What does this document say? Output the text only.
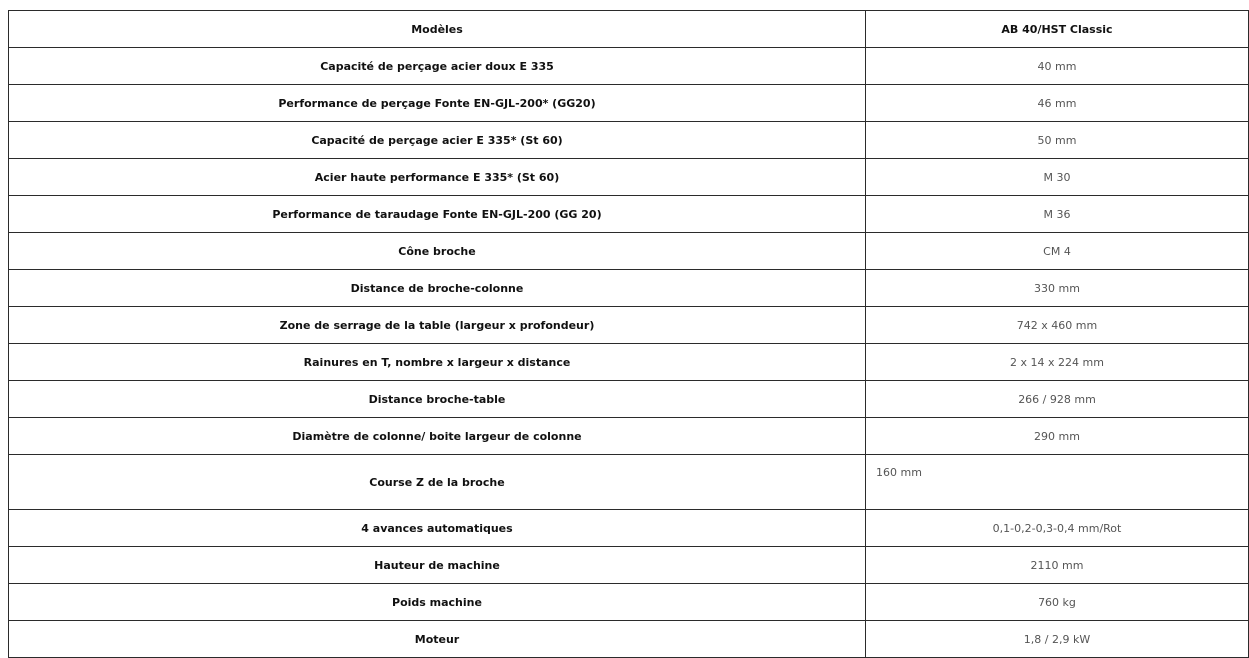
Modèles	AB 40/HST Classic
Capacité de perçage acier doux E 335	40 mm
Performance de perçage Fonte EN-GJL-200* (GG20)	46 mm
Capacité de perçage acier E 335* (St 60)	50 mm
Acier haute performance E 335* (St 60)	M 30
Performance de taraudage Fonte EN-GJL-200 (GG 20)	M 36
Cône broche	CM 4
Distance de broche-colonne	330 mm
Zone de serrage de la table (largeur x profondeur)	742 x 460 mm
Rainures en T, nombre x largeur x distance	2 x 14 x 224 mm
Distance broche-table	266 / 928 mm
Diamètre de colonne/ boite largeur de colonne	290 mm
Course Z de la broche	160 mm
4 avances automatiques	0,1-0,2-0,3-0,4 mm/Rot
Hauteur de machine	2110 mm
Poids machine	760 kg
Moteur	1,8 / 2,9 kW
